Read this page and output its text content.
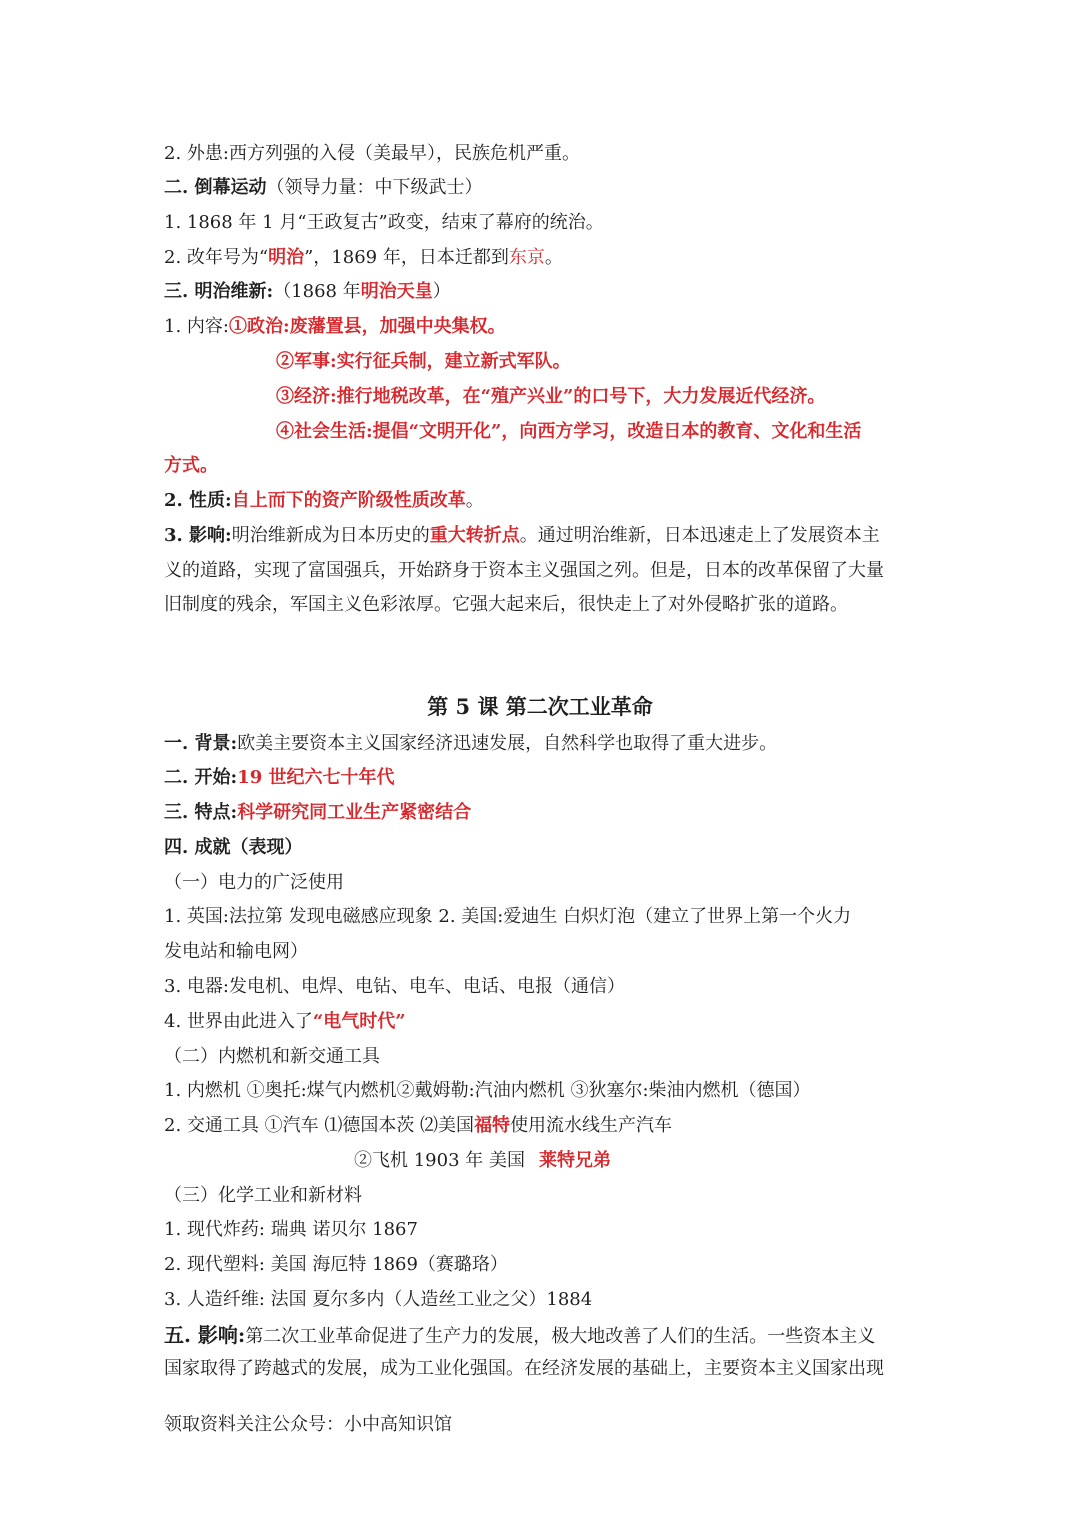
2. 外患:西方列强的入侵（美最早），民族危机严重。
二. 倒幕运动（领导力量：中下级武士）
1. 1868 年 1 月“王政复古”政变，结束了幕府的统治。
2. 改年号为“明治”，1869 年，日本迁都到东京。
三. 明治维新:（1868 年明治天皇）
1. 内容:①政治:废藩置县，加强中央集权。
②军事:实行征兵制，建立新式军队。
③经济:推行地税改革，在“殖产兴业”的口号下，大力发展近代经济。
④社会生活:提倡“文明开化”，向西方学习，改造日本的教育、文化和生活
方式。
2. 性质:自上而下的资产阶级性质改革。
3. 影响:明治维新成为日本历史的重大转折点。通过明治维新，日本迅速走上了发展资本主
义的道路，实现了富国强兵，开始跻身于资本主义强国之列。但是，日本的改革保留了大量
旧制度的残余，军国主义色彩浓厚。它强大起来后，很快走上了对外侵略扩张的道路。
第 5 课 第二次工业革命
一. 背景:欧美主要资本主义国家经济迅速发展，自然科学也取得了重大进步。
二. 开始:19 世纪六七十年代
三. 特点:科学研究同工业生产紧密结合
四. 成就（表现）
（一）电力的广泛使用
1. 英国:法拉第 发现电磁感应现象 2. 美国:爱迪生 白炽灯泡（建立了世界上第一个火力
发电站和输电网）
3. 电器:发电机、电焊、电钻、电车、电话、电报（通信）
4. 世界由此进入了“电气时代”
（二）内燃机和新交通工具
1. 内燃机 ①奥托:煤气内燃机②戴姆勒:汽油内燃机 ③狄塞尔:柴油内燃机（德国）
2. 交通工具 ①汽车 ⑴德国本茨 ⑵美国福特使用流水线生产汽车
②飞机 1903 年 美国 莱特兄弟
（三）化学工业和新材料
1. 现代炸药: 瑞典 诺贝尔 1867
2. 现代塑料: 美国 海厄特 1869（赛璐珞）
3. 人造纤维: 法国 夏尔多内（人造丝工业之父）1884
五. 影响:第二次工业革命促进了生产力的发展，极大地改善了人们的生活。一些资本主义
国家取得了跨越式的发展，成为工业化强国。在经济发展的基础上，主要资本主义国家出现
领取资料关注公众号：小中高知识馆
